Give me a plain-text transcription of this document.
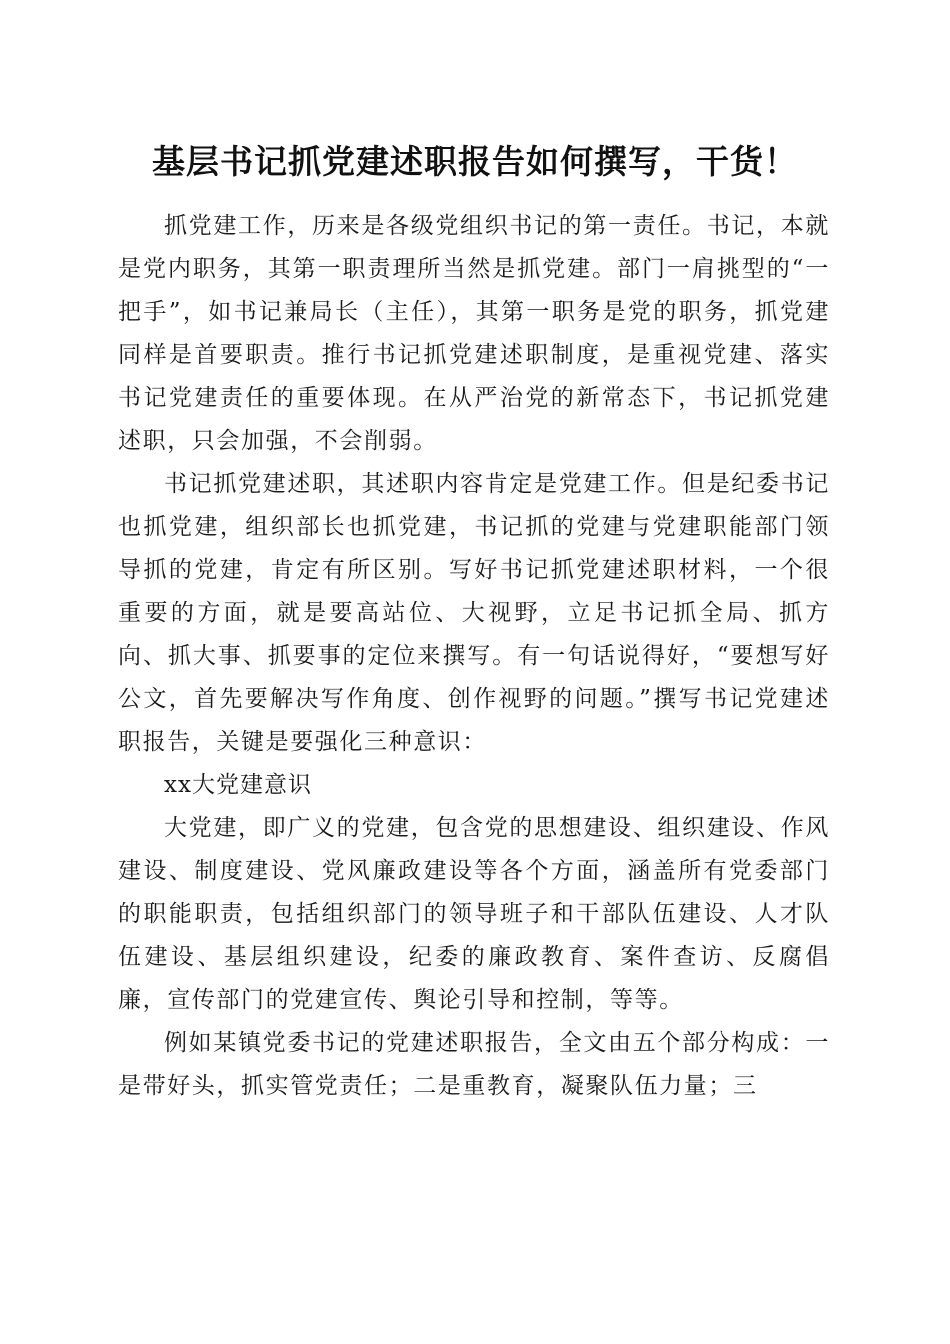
基层书记抓党建述职报告如何撰写，干货！

抓党建工作，历来是各级党组织书记的第一责任。书记，本就是党内职务，其第一职责理所当然是抓党建。部门一肩挑型的“一把手”，如书记兼局长（主任），其第一职务是党的职务，抓党建同样是首要职责。推行书记抓党建述职制度，是重视党建、落实书记党建责任的重要体现。在从严治党的新常态下，书记抓党建述职，只会加强，不会削弱。

书记抓党建述职，其述职内容肯定是党建工作。但是纪委书记也抓党建，组织部长也抓党建，书记抓的党建与党建职能部门领导抓的党建，肯定有所区别。写好书记抓党建述职材料，一个很重要的方面，就是要高站位、大视野，立足书记抓全局、抓方向、抓大事、抓要事的定位来撰写。有一句话说得好，“要想写好公文，首先要解决写作角度、创作视野的问题。”撰写书记党建述职报告，关键是要强化三种意识：

xx大党建意识

大党建，即广义的党建，包含党的思想建设、组织建设、作风建设、制度建设、党风廉政建设等各个方面，涵盖所有党委部门的职能职责，包括组织部门的领导班子和干部队伍建设、人才队伍建设、基层组织建设，纪委的廉政教育、案件查访、反腐倡廉，宣传部门的党建宣传、舆论引导和控制，等等。

例如某镇党委书记的党建述职报告，全文由五个部分构成：一是带好头，抓实管党责任；二是重教育，凝聚队伍力量；三
